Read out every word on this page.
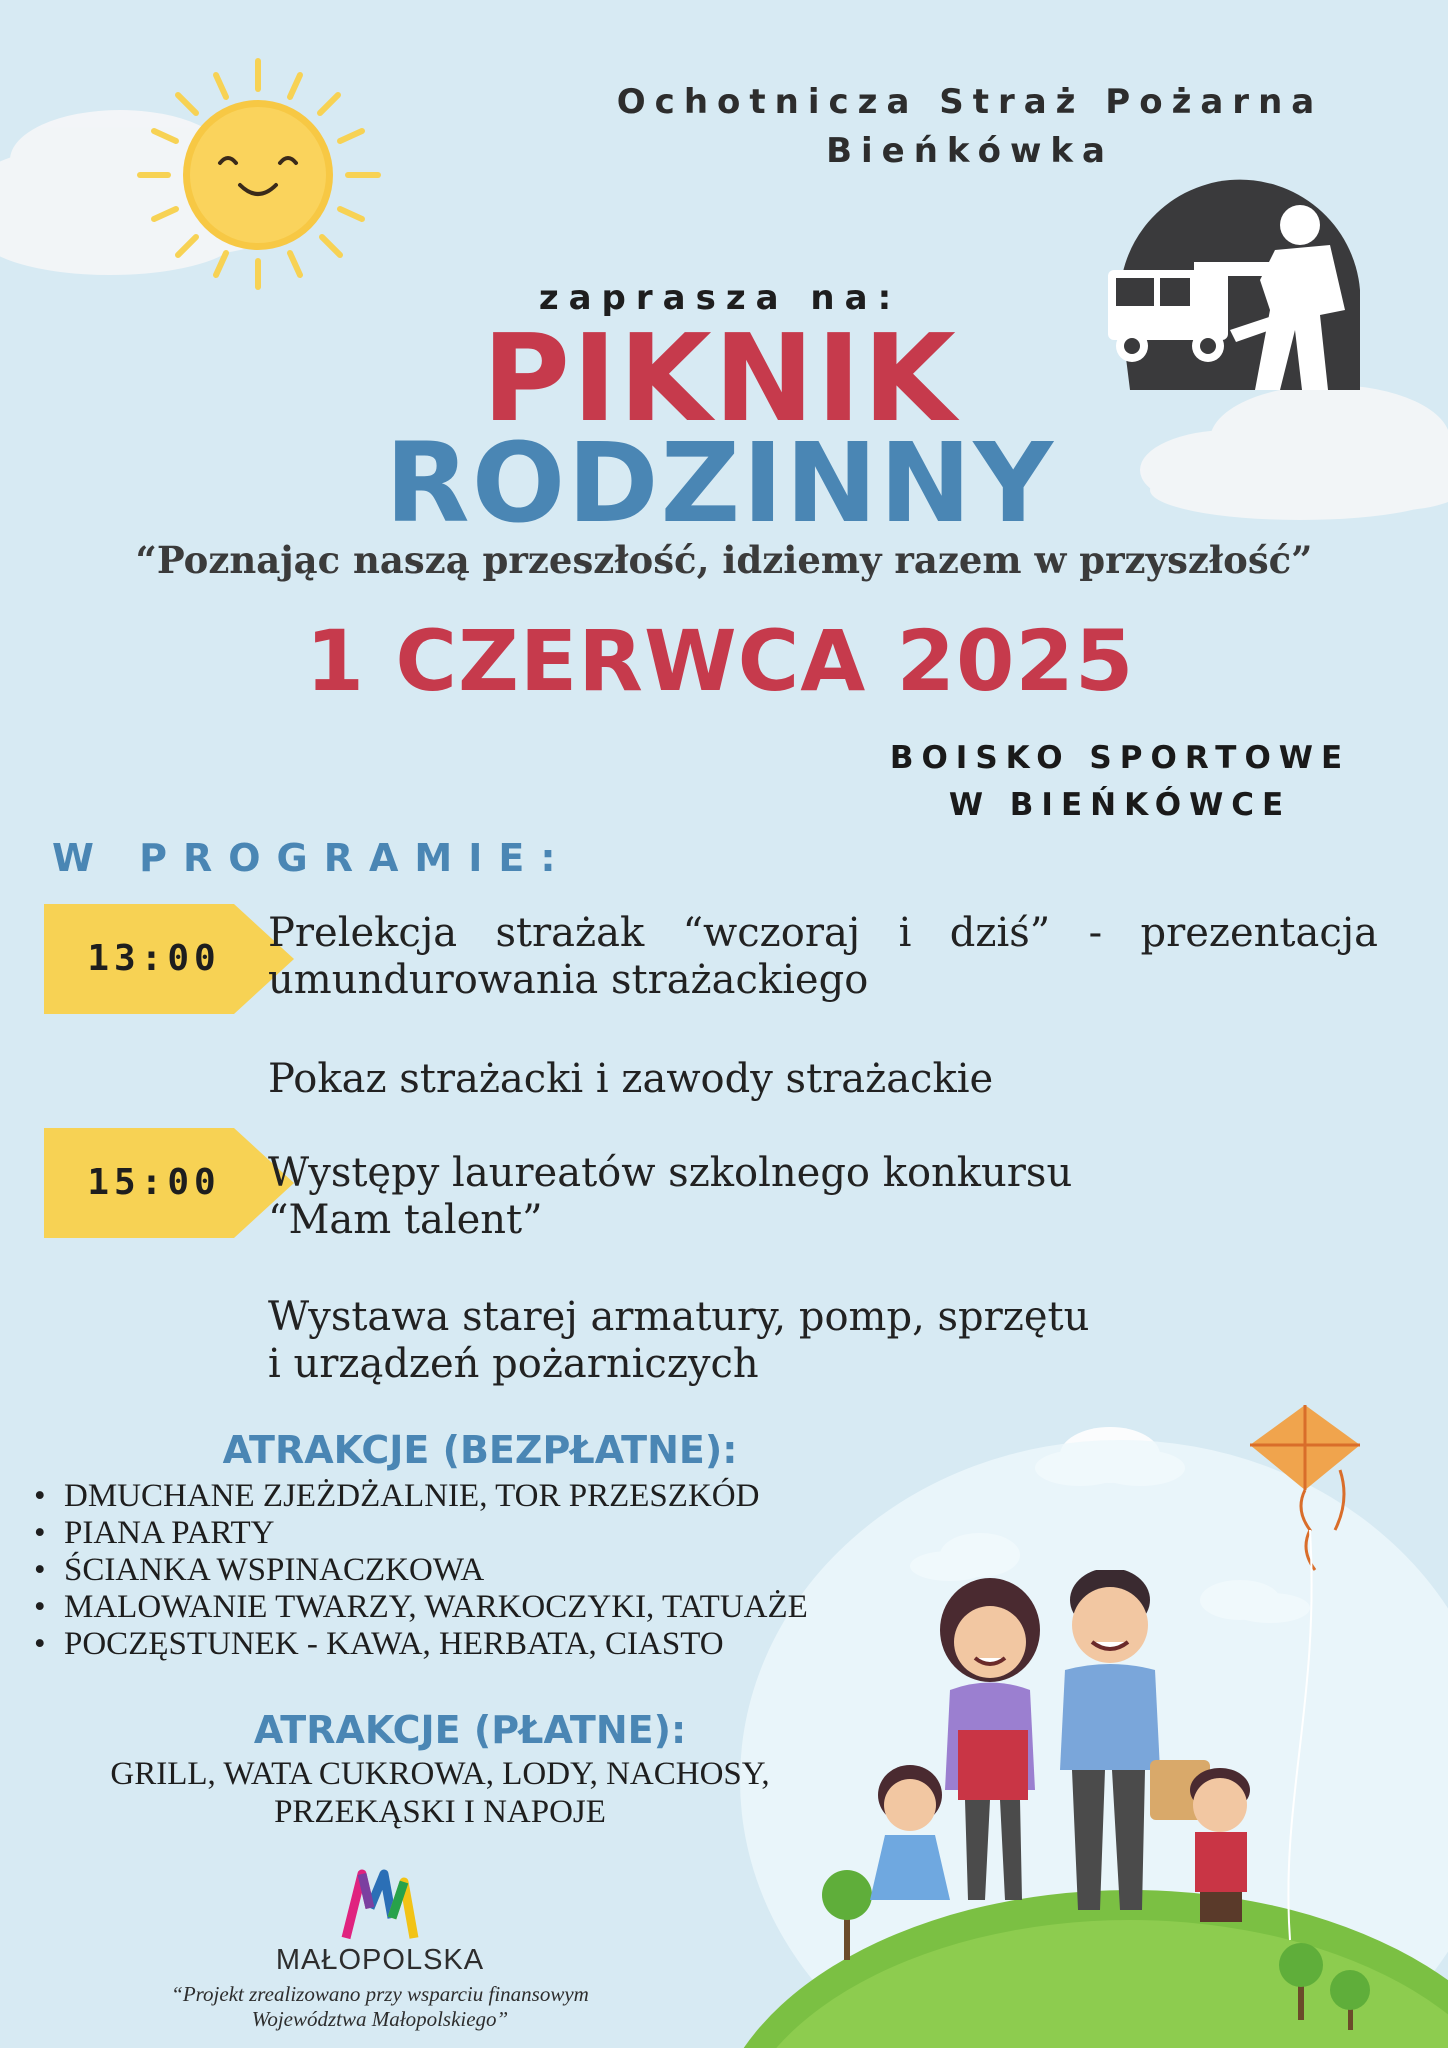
Ochotnicza Straż Pożarna
Bieńkówka
zaprasza na:
PIKNIK
RODZINNY
“Poznając naszą przeszłość, idziemy razem w przyszłość”
1 CZERWCA 2025
BOISKO SPORTOWE
W BIEŃKÓWCE
W PROGRAMIE:
13:00
15:00
Prelekcja strażak “wczoraj i dziś” - prezentacja umundurowania strażackiego
Pokaz strażacki i zawody strażackie
Występy laureatów szkolnego konkursu
“Mam talent”
Wystawa starej armatury, pomp, sprzętu
i urządzeń pożarniczych
ATRAKCJE (BEZPŁATNE):
• DMUCHANE ZJEŻDŻALNIE, TOR PRZESZKÓD
• PIANA PARTY
• ŚCIANKA WSPINACZKOWA
• MALOWANIE TWARZY, WARKOCZYKI, TATUAŻE
• POCZĘSTUNEK - KAWA, HERBATA, CIASTO
ATRAKCJE (PŁATNE):
GRILL, WATA CUKROWA, LODY, NACHOSY,
PRZEKĄSKI I NAPOJE
MAŁOPOLSKA
“Projekt zrealizowano przy wsparciu finansowym
Województwa Małopolskiego”
